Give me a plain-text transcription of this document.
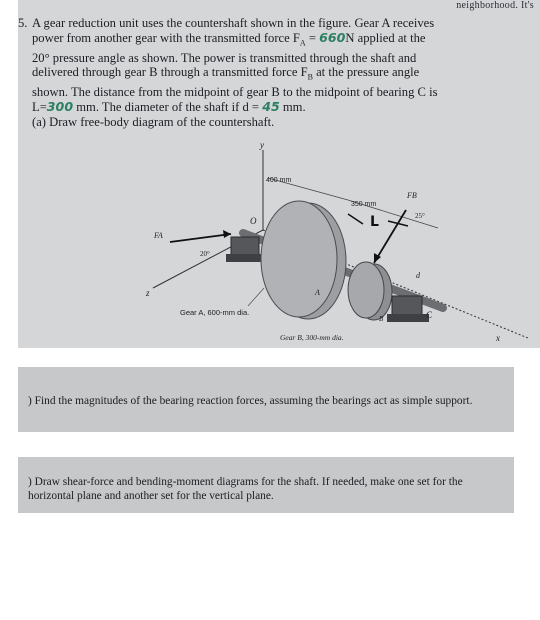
neighborhood. It's
5. A gear reduction unit uses the countershaft shown in the figure. Gear A receives
power from another gear with the transmitted force $F_A = 660N$ applied at the
20° pressure angle as shown. The power is transmitted through the shaft and
delivered through gear B through a transmitted force $F_B$ at the pressure angle
shown. The distance from the midpoint of gear B to the midpoint of bearing C is
L=300 mm. The diameter of the shaft if d = 45 mm.
(a) Draw free-body diagram of the countershaft.
y
z
x
O
400 mm
350 mm
A
B	C
FA
20°
FB
25°
L
d
Gear A, 600-mm dia.
Gear B, 300-mm dia.
) Find the magnitudes of the bearing reaction forces, assuming the bearings act as simple support.
) Draw shear-force and bending-moment diagrams for the shaft. If needed, make one set for the horizontal plane and another set for the vertical plane.
